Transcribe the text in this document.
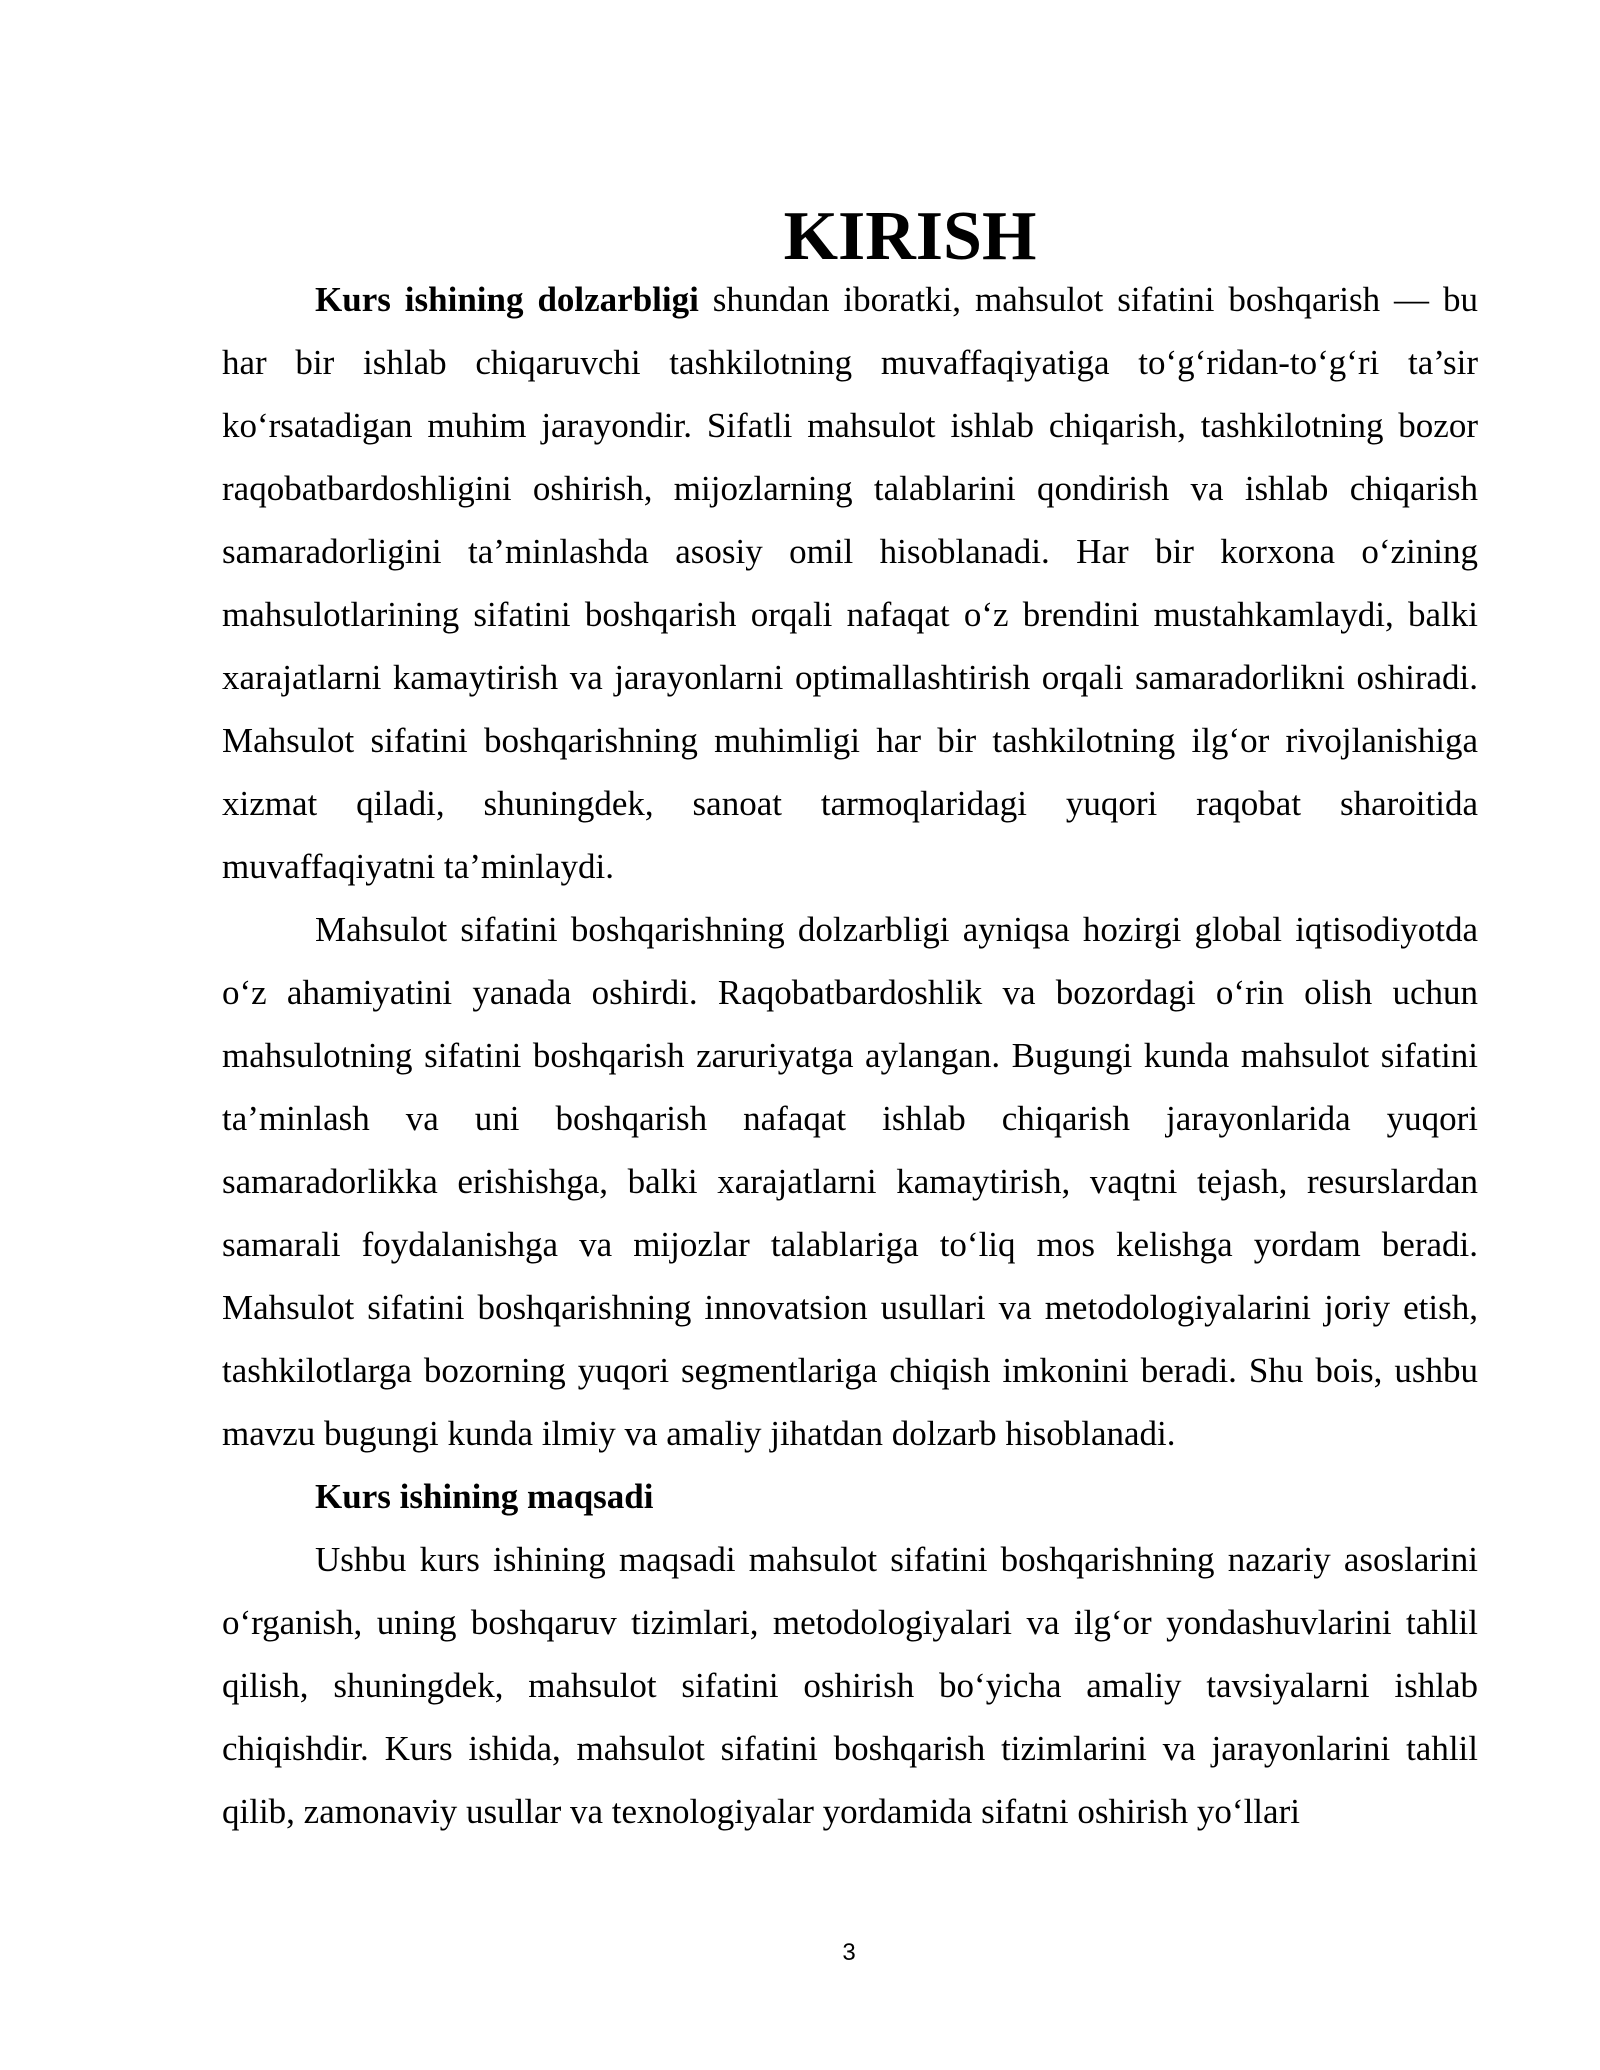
KIRISH

Kurs ishining dolzarbligi shundan iboratki, mahsulot sifatini boshqarish — bu har bir ishlab chiqaruvchi tashkilotning muvaffaqiyatiga to‘g‘ridan-to‘g‘ri ta’sir ko‘rsatadigan muhim jarayondir. Sifatli mahsulot ishlab chiqarish, tashkilotning bozor raqobatbardoshligini oshirish, mijozlarning talablarini qondirish va ishlab chiqarish samaradorligini ta’minlashda asosiy omil hisoblanadi. Har bir korxona o‘zining mahsulotlarining sifatini boshqarish orqali nafaqat o‘z brendini mustahkamlaydi, balki xarajatlarni kamaytirish va jarayonlarni optimallashtirish orqali samaradorlikni oshiradi. Mahsulot sifatini boshqarishning muhimligi har bir tashkilotning ilg‘or rivojlanishiga xizmat qiladi, shuningdek, sanoat tarmoqlaridagi yuqori raqobat sharoitida muvaffaqiyatni ta’minlaydi.

Mahsulot sifatini boshqarishning dolzarbligi ayniqsa hozirgi global iqtisodiyotda o‘z ahamiyatini yanada oshirdi. Raqobatbardoshlik va bozordagi o‘rin olish uchun mahsulotning sifatini boshqarish zaruriyatga aylangan. Bugungi kunda mahsulot sifatini ta’minlash va uni boshqarish nafaqat ishlab chiqarish jarayonlarida yuqori samaradorlikka erishishga, balki xarajatlarni kamaytirish, vaqtni tejash, resurslardan samarali foydalanishga va mijozlar talablariga to‘liq mos kelishga yordam beradi. Mahsulot sifatini boshqarishning innovatsion usullari va metodologiyalarini joriy etish, tashkilotlarga bozorning yuqori segmentlariga chiqish imkonini beradi. Shu bois, ushbu mavzu bugungi kunda ilmiy va amaliy jihatdan dolzarb hisoblanadi.

Kurs ishining maqsadi

Ushbu kurs ishining maqsadi mahsulot sifatini boshqarishning nazariy asoslarini o‘rganish, uning boshqaruv tizimlari, metodologiyalari va ilg‘or yondashuvlarini tahlil qilish, shuningdek, mahsulot sifatini oshirish bo‘yicha amaliy tavsiyalarni ishlab chiqishdir. Kurs ishida, mahsulot sifatini boshqarish tizimlarini va jarayonlarini tahlil qilib, zamonaviy usullar va texnologiyalar yordamida sifatni oshirish yo‘llari

3
